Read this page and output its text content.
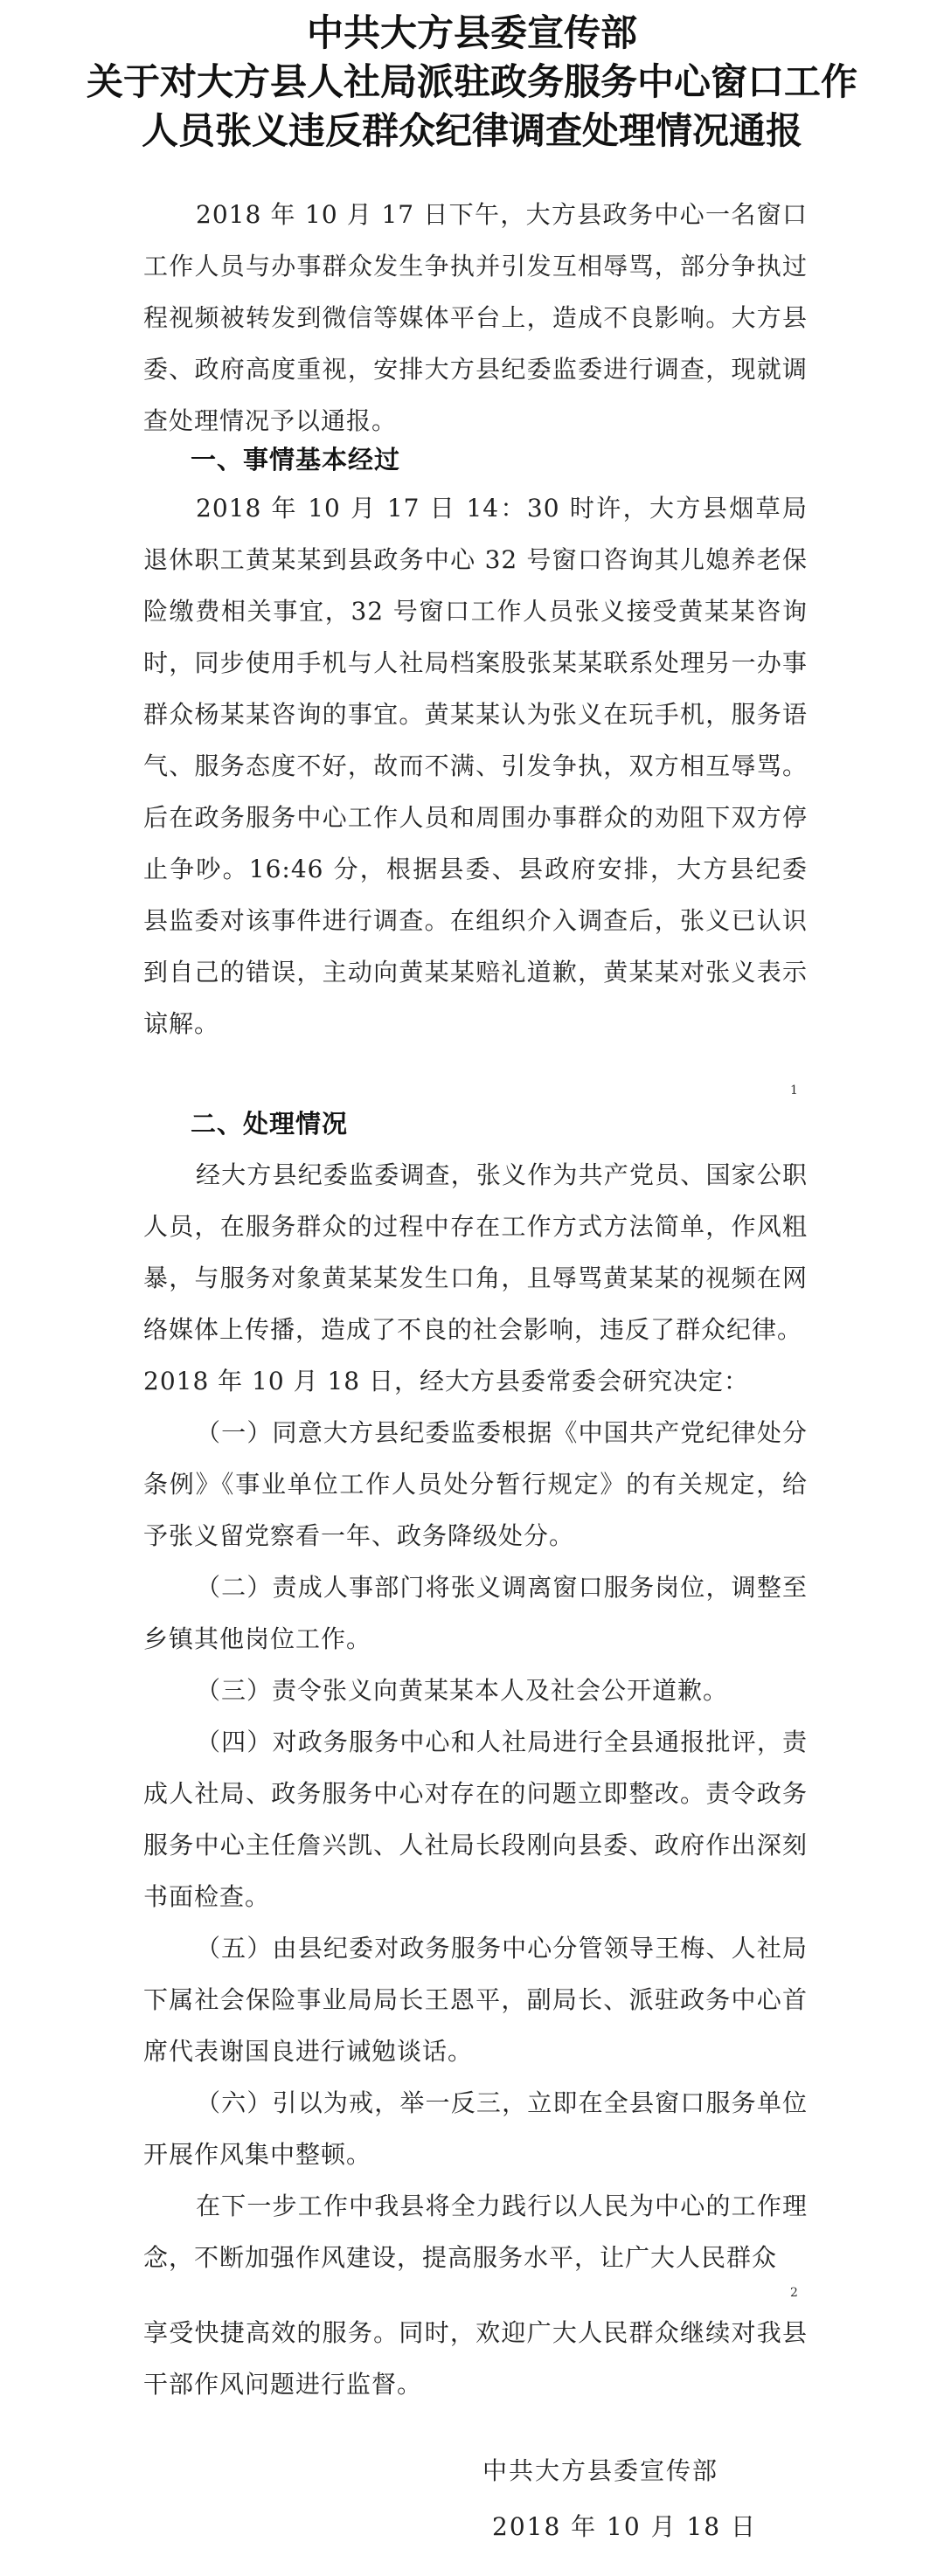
中共大方县委宣传部
关于对大方县人社局派驻政务服务中心窗口工作
人员张义违反群众纪律调查处理情况通报

2018 年 10 月 17 日下午，大方县政务中心一名窗口工作人员与办事群众发生争执并引发互相辱骂，部分争执过程视频被转发到微信等媒体平台上，造成不良影响。大方县委、政府高度重视，安排大方县纪委监委进行调查，现就调查处理情况予以通报。

一、事情基本经过

2018 年 10 月 17 日 14：30 时许，大方县烟草局退休职工黄某某到县政务中心 32 号窗口咨询其儿媳养老保险缴费相关事宜，32 号窗口工作人员张义接受黄某某咨询时，同步使用手机与人社局档案股张某某联系处理另一办事群众杨某某咨询的事宜。黄某某认为张义在玩手机，服务语气、服务态度不好，故而不满、引发争执，双方相互辱骂。后在政务服务中心工作人员和周围办事群众的劝阻下双方停止争吵。16:46 分，根据县委、县政府安排，大方县纪委县监委对该事件进行调查。在组织介入调查后，张义已认识到自己的错误，主动向黄某某赔礼道歉，黄某某对张义表示谅解。

1
二、处理情况

经大方县纪委监委调查，张义作为共产党员、国家公职人员，在服务群众的过程中存在工作方式方法简单，作风粗暴，与服务对象黄某某发生口角，且辱骂黄某某的视频在网络媒体上传播，造成了不良的社会影响，违反了群众纪律。

2018 年 10 月 18 日，经大方县委常委会研究决定：

（一）同意大方县纪委监委根据《中国共产党纪律处分条例》《事业单位工作人员处分暂行规定》的有关规定，给予张义留党察看一年、政务降级处分。

（二）责成人事部门将张义调离窗口服务岗位，调整至乡镇其他岗位工作。

（三）责令张义向黄某某本人及社会公开道歉。

（四）对政务服务中心和人社局进行全县通报批评，责成人社局、政务服务中心对存在的问题立即整改。责令政务服务中心主任詹兴凯、人社局长段刚向县委、政府作出深刻书面检查。

（五）由县纪委对政务服务中心分管领导王梅、人社局下属社会保险事业局局长王恩平，副局长、派驻政务中心首席代表谢国良进行诫勉谈话。

（六）引以为戒，举一反三，立即在全县窗口服务单位开展作风集中整顿。

在下一步工作中我县将全力践行以人民为中心的工作理念，不断加强作风建设，提高服务水平，让广大人民群众

2

享受快捷高效的服务。同时，欢迎广大人民群众继续对我县干部作风问题进行监督。

中共大方县委宣传部
2018 年 10 月 18 日
